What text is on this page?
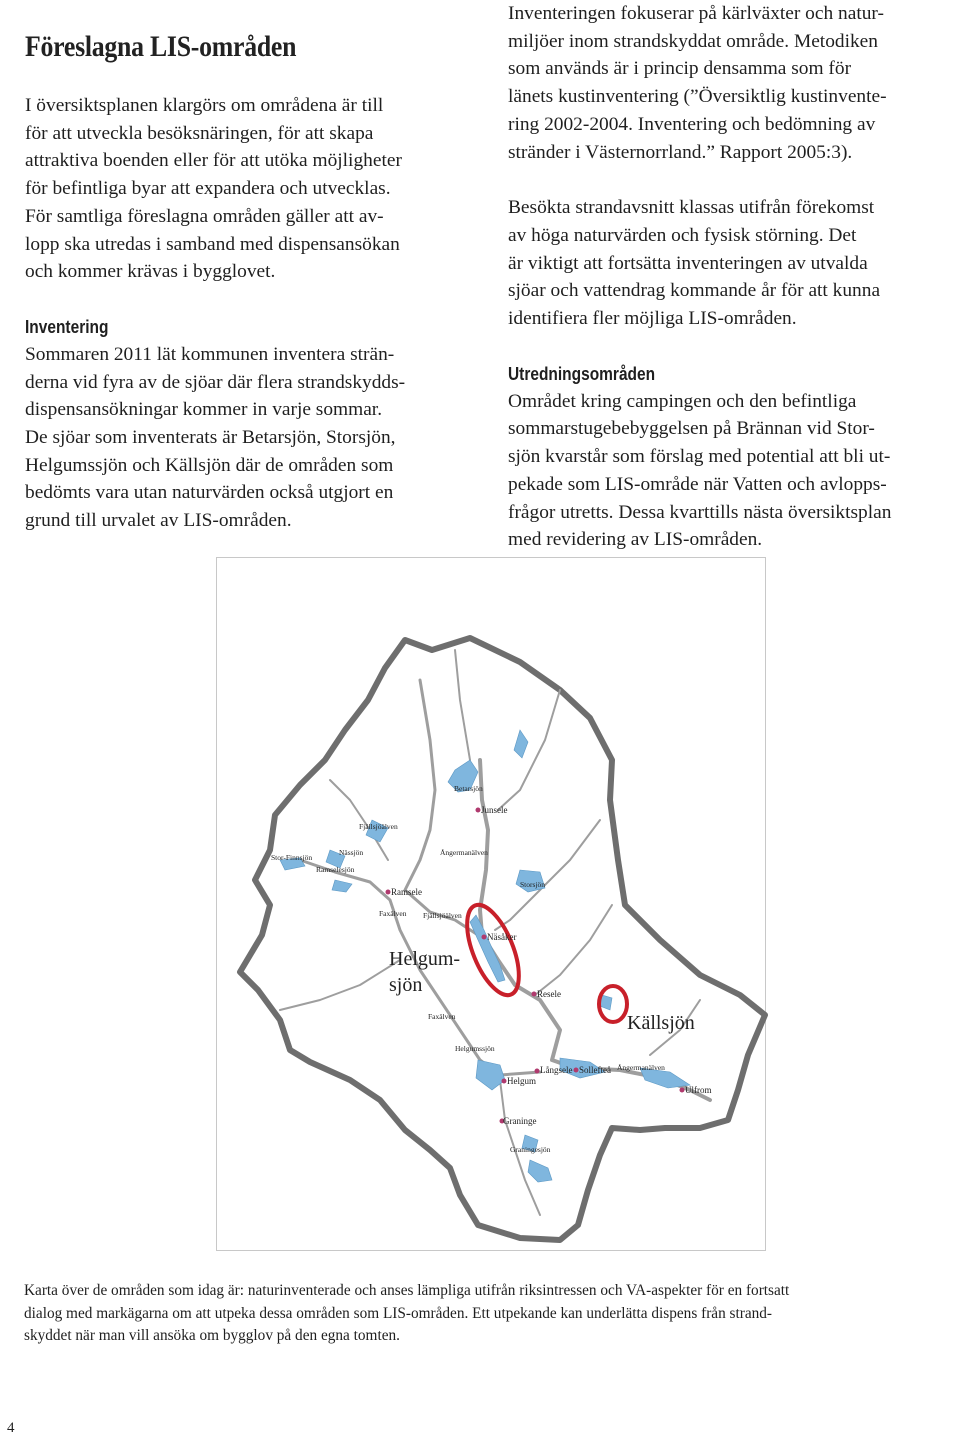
Föreslagna LIS-områden

I översiktsplanen klargörs om områdena är till

för att utveckla besöksnäringen, för att skapa

attraktiva boenden eller för att utöka möjligheter

för befintliga byar att expandera och utvecklas.

För samtliga föreslagna områden gäller att av-

lopp ska utredas i samband med dispensansökan

och kommer krävas i bygglovet.

Inventering

Sommaren 2011 lät kommunen inventera strän-

derna vid fyra av de sjöar där flera strandskydds-

dispensansökningar kommer in varje sommar.

De sjöar som inventerats är Betarsjön, Storsjön,

Helgumssjön och Källsjön där de områden som

bedömts vara utan naturvärden också utgjort en

grund till urvalet av LIS-områden.

Inventeringen fokuserar på kärlväxter och natur-

miljöer inom strandskyddat område. Metodiken

som används är i princip densamma som för

länets kustinventering (”Översiktlig kustinvente-

ring 2002-2004. Inventering och bedömning av

stränder i Västernorrland.” Rapport 2005:3).

Besökta strandavsnitt klassas utifrån förekomst

av höga naturvärden och fysisk störning. Det

är viktigt att fortsätta inventeringen av utvalda

sjöar och vattendrag kommande år för att kunna

identifiera fler möjliga LIS-områden.

Utredningsområden

Området kring campingen och den befintliga

sommarstugebebyggelsen på Brännan vid Stor-

sjön kvarstår som förslag med potential att bli ut-

pekade som LIS-område när Vatten och avlopps-

frågor utretts. Dessa kvarttills nästa översiktsplan

med revidering av LIS-områden.

Helgum-
sjön
Källsjön
Betarsjön
Junsele
Fjällsjöälven
Nässjön	Ångermanälven
Stor-Finnsjön
Ramselesjön
Ramsele
Storsjön
Faxälven Fjällsjöälven
Näsåker
Resele
Faxälven
Helgumssjön
Långsele Sollefteå Ångermanälven
Helgum
Ulfrom
Graninge
Graningesjön
Karta över de områden som idag är: naturinventerade och anses lämpliga utifrån riksintressen och VA-aspekter för en fortsatt
dialog med markägarna om att utpeka dessa områden som LIS-områden. Ett utpekande kan underlätta dispens från strand-
skyddet när man vill ansöka om bygglov på den egna tomten.
4
